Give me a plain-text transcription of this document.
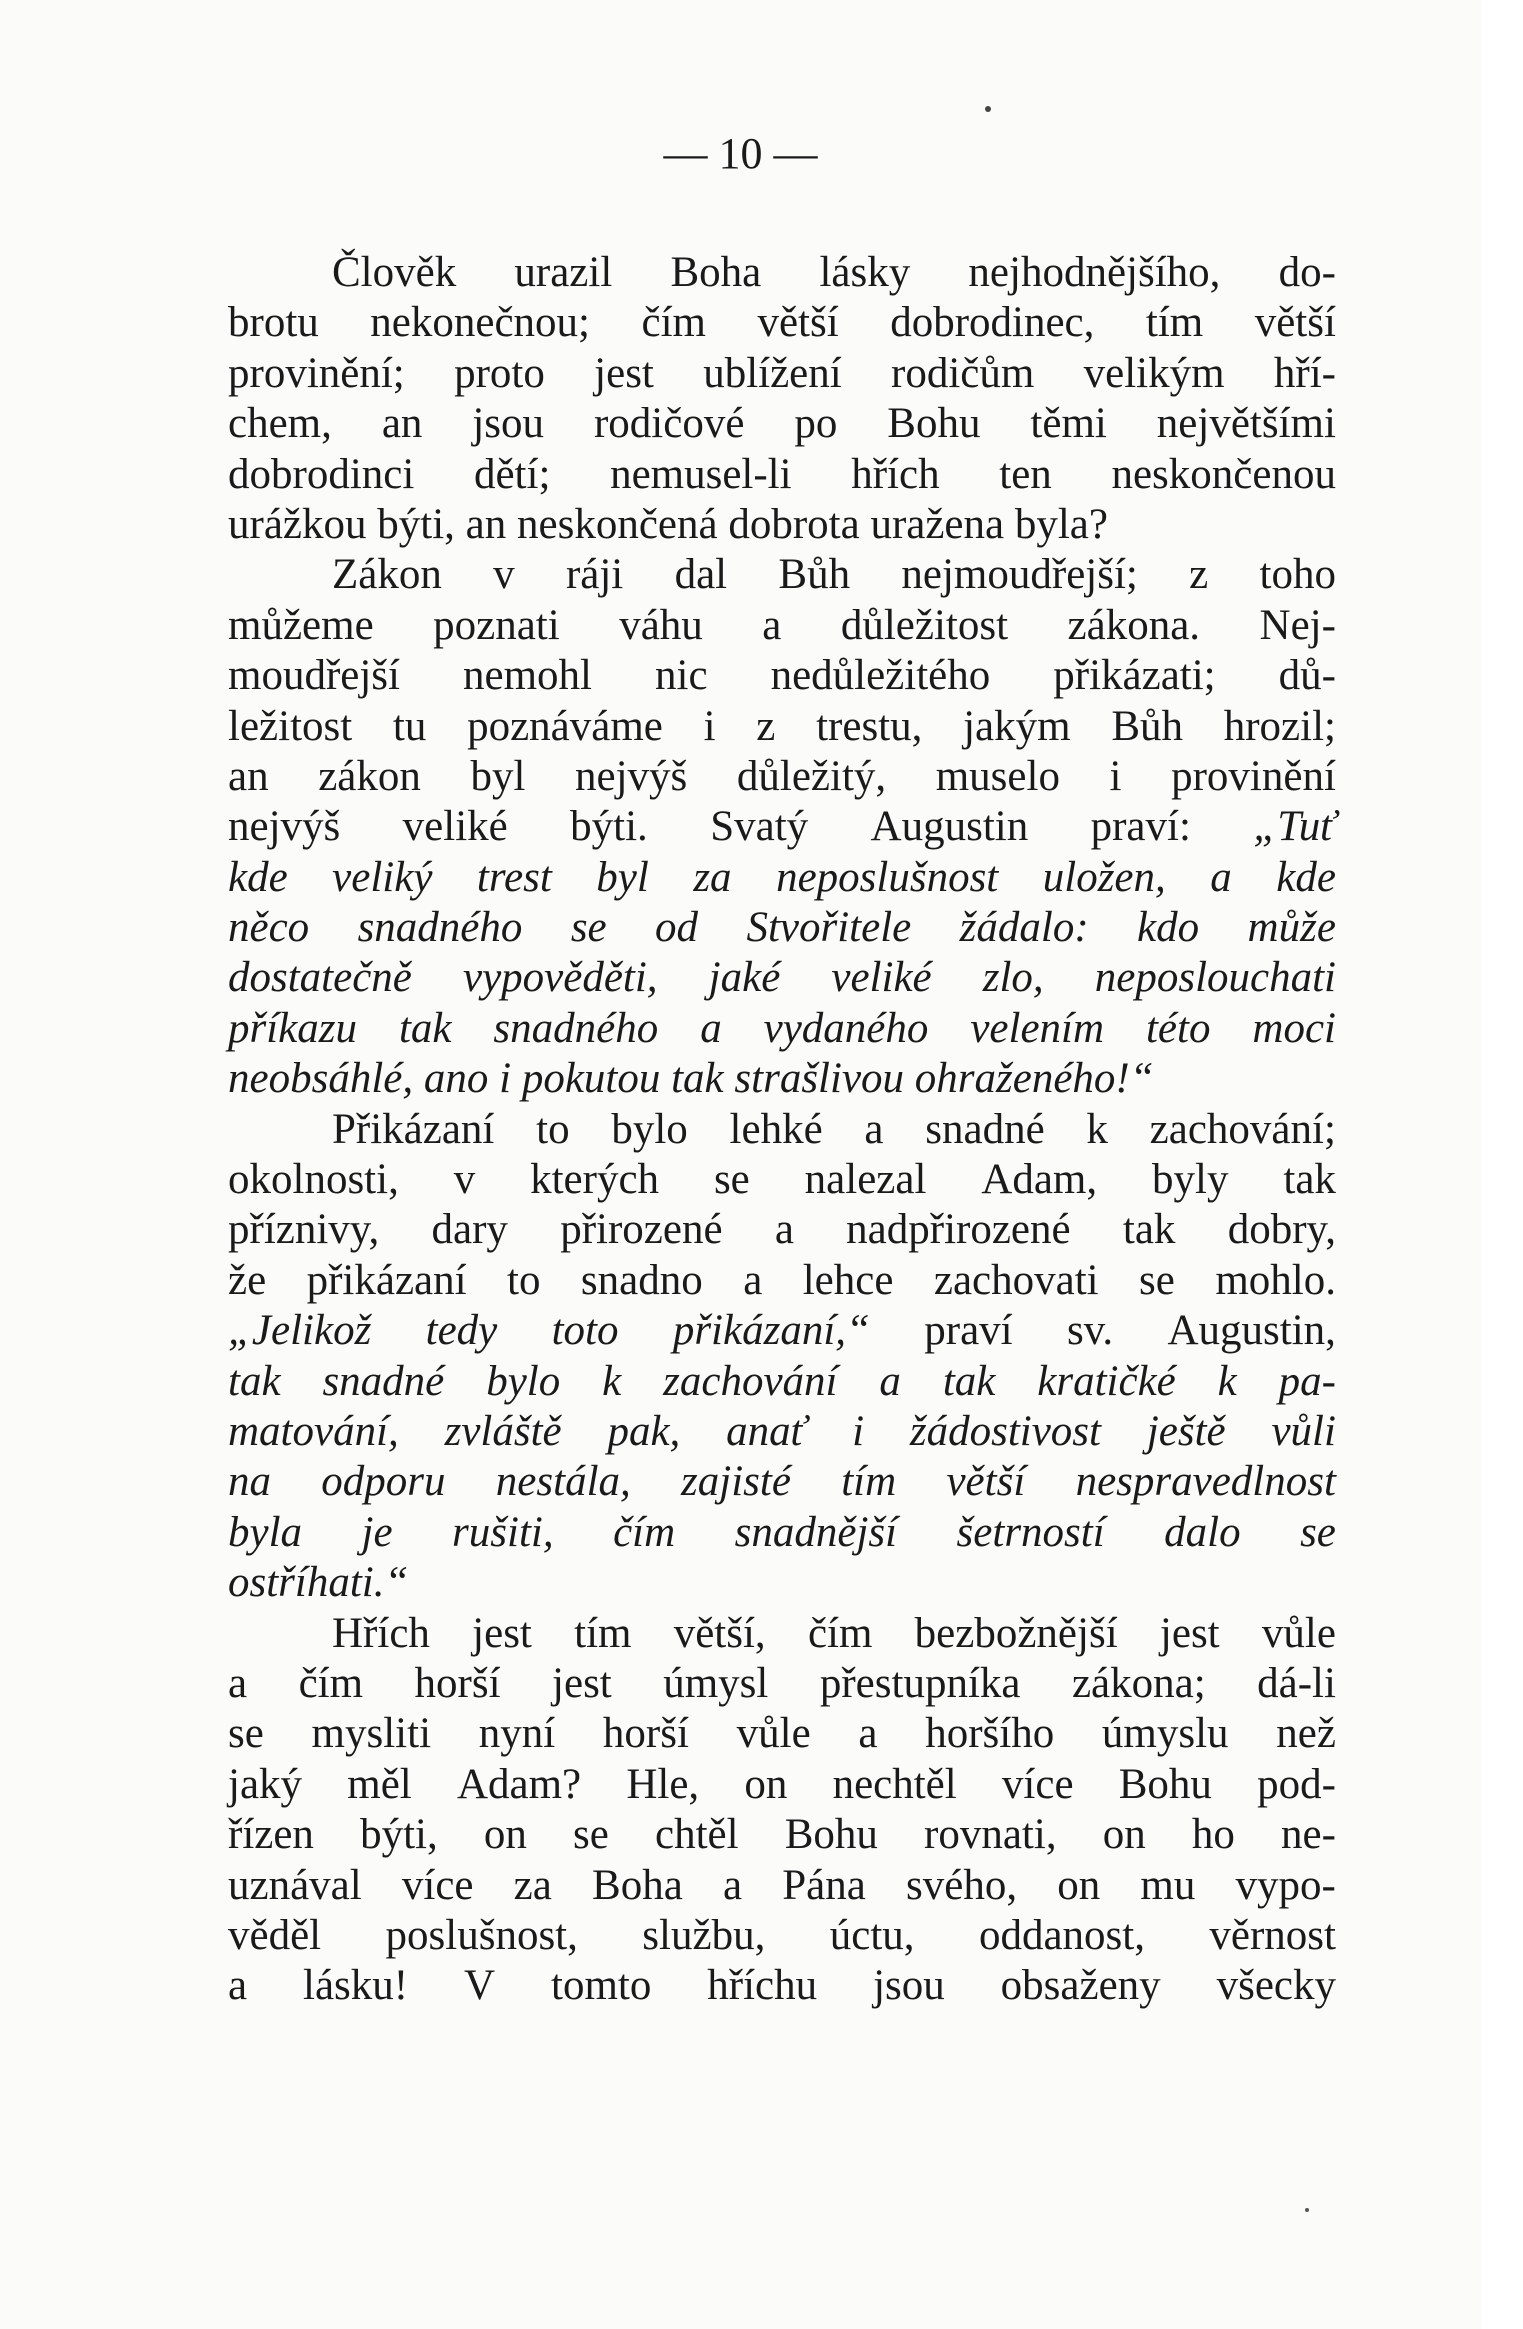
— 10 —
Člověk urazil Boha lásky nejhodnějšího, do-
brotu nekonečnou; čím větší dobrodinec, tím větší
provinění; proto jest ublížení rodičům velikým hří-
chem, an jsou rodičové po Bohu těmi největšími
dobrodinci dětí; nemusel-li hřích ten neskončenou
urážkou býti, an neskončená dobrota uražena byla?
Zákon v ráji dal Bůh nejmoudřejší; z toho
můžeme poznati váhu a důležitost zákona. Nej-
moudřejší nemohl nic nedůležitého přikázati; dů-
ležitost tu poznáváme i z trestu, jakým Bůh hrozil;
an zákon byl nejvýš důležitý, muselo i provinění
nejvýš veliké býti. Svatý Augustin praví: „Tuť
kde veliký trest byl za neposlušnost uložen, a kde
něco snadného se od Stvořitele žádalo: kdo může
dostatečně vypověděti, jaké veliké zlo, neposlouchati
příkazu tak snadného a vydaného velením této moci
neobsáhlé, ano i pokutou tak strašlivou ohraženého!“
Přikázaní to bylo lehké a snadné k zachování;
okolnosti, v kterých se nalezal Adam, byly tak
příznivy, dary přirozené a nadpřirozené tak dobry,
že přikázaní to snadno a lehce zachovati se mohlo.
„Jelikož tedy toto přikázaní,“ praví sv. Augustin,
tak snadné bylo k zachování a tak kratičké k pa-
matování, zvláště pak, anať i žádostivost ještě vůli
na odporu nestála, zajisté tím větší nespravedlnost
byla je rušiti, čím snadnější šetrností dalo se
ostříhati.“
Hřích jest tím větší, čím bezbožnější jest vůle
a čím horší jest úmysl přestupníka zákona; dá-li
se mysliti nyní horší vůle a horšího úmyslu než
jaký měl Adam? Hle, on nechtěl více Bohu pod-
řízen býti, on se chtěl Bohu rovnati, on ho ne-
uznával více za Boha a Pána svého, on mu vypo-
věděl poslušnost, službu, úctu, oddanost, věrnost
a lásku! V tomto hříchu jsou obsaženy všecky
